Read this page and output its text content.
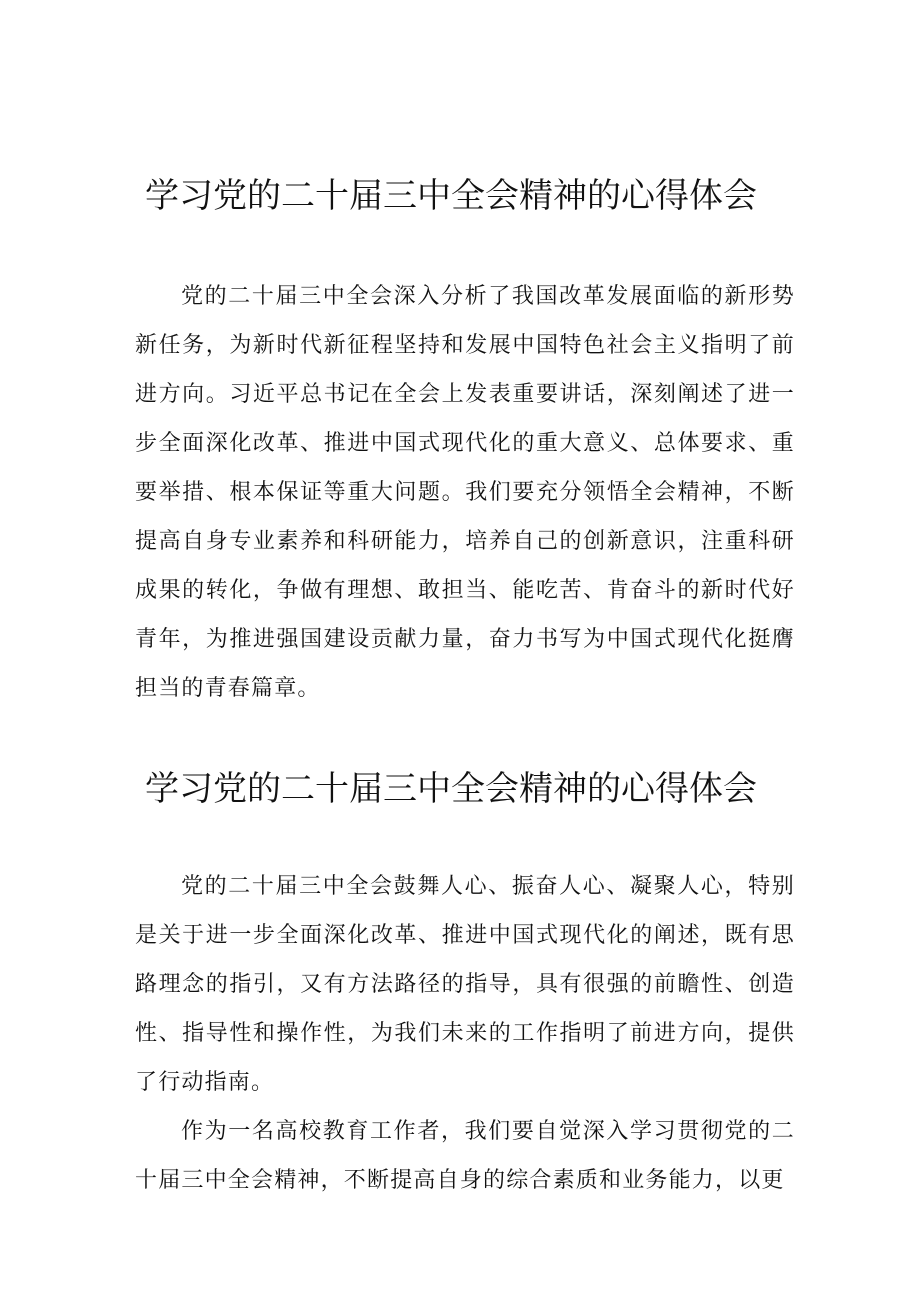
学习党的二十届三中全会精神的心得体会

党的二十届三中全会深入分析了我国改革发展面临的新形势新任务，为新时代新征程坚持和发展中国特色社会主义指明了前进方向。习近平总书记在全会上发表重要讲话，深刻阐述了进一步全面深化改革、推进中国式现代化的重大意义、总体要求、重要举措、根本保证等重大问题。我们要充分领悟全会精神，不断提高自身专业素养和科研能力，培养自己的创新意识，注重科研成果的转化，争做有理想、敢担当、能吃苦、肯奋斗的新时代好青年，为推进强国建设贡献力量，奋力书写为中国式现代化挺膺担当的青春篇章。

学习党的二十届三中全会精神的心得体会

党的二十届三中全会鼓舞人心、振奋人心、凝聚人心，特别是关于进一步全面深化改革、推进中国式现代化的阐述，既有思路理念的指引，又有方法路径的指导，具有很强的前瞻性、创造性、指导性和操作性，为我们未来的工作指明了前进方向，提供了行动指南。

作为一名高校教育工作者，我们要自觉深入学习贯彻党的二十届三中全会精神，不断提高自身的综合素质和业务能力，以更
